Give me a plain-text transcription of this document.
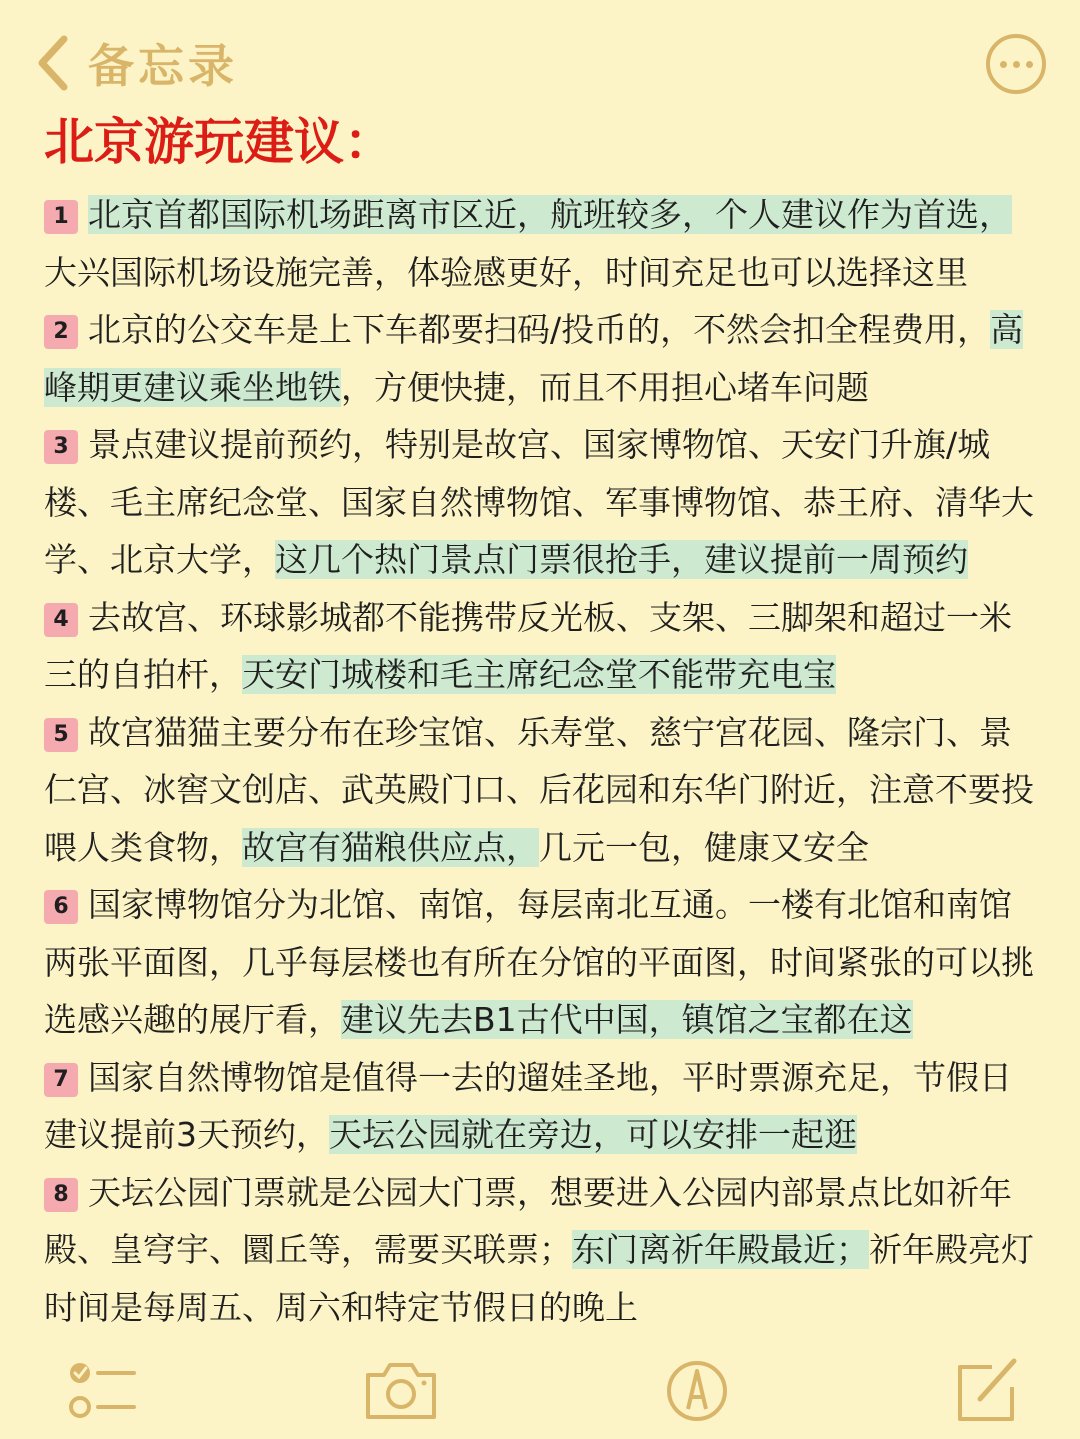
备忘录
北京游玩建议：

1 北京首都国际机场距离市区近，航班较多，个人建议作为首选，大兴国际机场设施完善，体验感更好，时间充足也可以选择这里

2 北京的公交车是上下车都要扫码/投币的，不然会扣全程费用，高峰期更建议乘坐地铁，方便快捷，而且不用担心堵车问题

3 景点建议提前预约，特别是故宫、国家博物馆、天安门升旗/城楼、毛主席纪念堂、国家自然博物馆、军事博物馆、恭王府、清华大学、北京大学，这几个热门景点门票很抢手，建议提前一周预约

4 去故宫、环球影城都不能携带反光板、支架、三脚架和超过一米三的自拍杆，天安门城楼和毛主席纪念堂不能带充电宝

5 故宫猫猫主要分布在珍宝馆、乐寿堂、慈宁宫花园、隆宗门、景仁宫、冰窖文创店、武英殿门口、后花园和东华门附近，注意不要投喂人类食物，故宫有猫粮供应点，几元一包，健康又安全

6 国家博物馆分为北馆、南馆，每层南北互通。一楼有北馆和南馆两张平面图，几乎每层楼也有所在分馆的平面图，时间紧张的可以挑选感兴趣的展厅看，建议先去B1古代中国，镇馆之宝都在这

7 国家自然博物馆是值得一去的遛娃圣地，平时票源充足，节假日建议提前3天预约，天坛公园就在旁边，可以安排一起逛

8 天坛公园门票就是公园大门票，想要进入公园内部景点比如祈年殿、皇穹宇、圜丘等，需要买联票；东门离祈年殿最近；祈年殿亮灯时间是每周五、周六和特定节假日的晚上
